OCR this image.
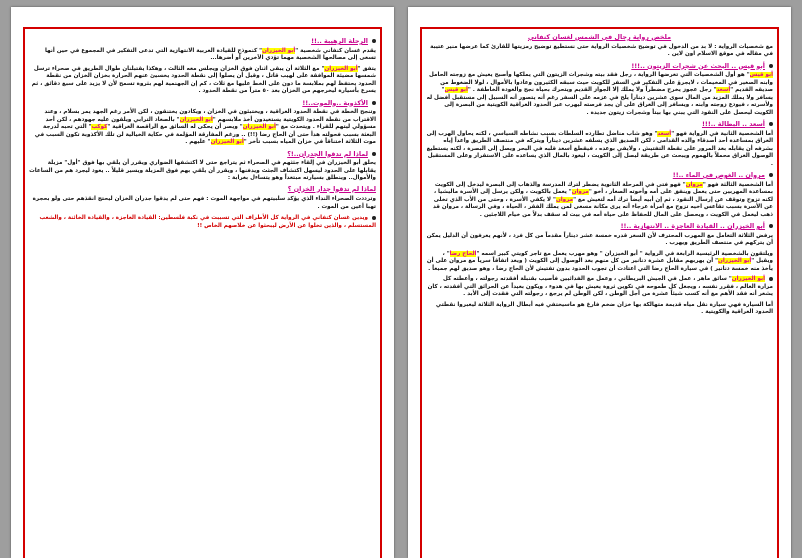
الرحلة الرهيبة ..!!

يقدم غسان كنفاني شخصية "أبو الخيزران" كنموذج للقيادة العربية الانتهازية التي تدعى التفكير في المجموع في حين أنها تسعى إلى مصالحها الشخصية مهما تؤدي الآخرين أو أضرها...

يتفق "أبو الخيزران" مع الثلاثة أن يبقى اثنان فوق الخزان ويجلس معه الثالث ، وهكذا يقتبلنان طوال الطريق في صحراء ترسل شمسها مضيئة الموافقة على لهيب قاتل ، وقبل أن يصلوا إلى نقطة الحدود يخسيئ عنهم الحرارة بخزان الخزان من نقطة الحدود يحتفظ لهم بملابسة ما دون على الخط عليها مع ثلاث ، كم إن الجهنمية لهم بثروة تسمح لأن لا يزيد على سبع دقائق ، ثم يسرع بأسيارة ليخرجهم من الخزان بعد ٥٠ متراً من نقطة الحدود .

الأكذوبة ..والموت..!!

وتنجح الخطة في نقطة الحدود العراقية ، ويختبئون في الخزان ، ويكادون يختنقون ، لكن الأمر رغم الجهد يمر بسلام ، وعند الاقتراب من نقطة الحدود الكويتية يستعيدون أخذ ملابسهم "أبو الخيزران" بالصعاد الترابي ويلقون عليه جهودهم ، لكن أحد مسؤولي ليتهم للقراء . ويتحدث مع "أبو الخيزران" ويصر أن يحكى له السائق مع الراقصة العراقية "كوكب" التي تحبه لدرجة البعثة بسبب فحولته هدأ حتى أن الحاج رضا (!!) .. ورغم المفارقة المؤلمة في حكاية الخيالية لن تلك الأكذوبة تكون السبب في موت الثلاثة اختناقاً في خزان المياه بسبب تأخر "أبو الخيزران" عليهم .

لماذا لم تدقوا الجدران..!؟

يحلق أبو الخيزران في إلقاء جثثهم في الصحراء ثم يتراجع حتى لا اكتشفها الضواري ويقرر أن يلقي بها فوق "أول" مزبلة يقابلها على الحدود ليسهل اكتشاف الجثث ويدفنها ، ويقرر أن يلقي بهم فوق المزبلة ويسير قليلاً .. يعود ليجرد هم من الساعات والأموال.. وينطلق بسيارته مبتعداً وهو يتساءل بغرابة :

لماذا لم تدقوا جدار الخزان ؟

وترددت الصحراء النداء الذي يؤكد سلبيتهم في مواجهة الموت : فهم حتى لم يدقوا جدران الخزان ليحتج انقذهم حتى ولو بحجرة تهبا أعين من الموت .

ويدين غسان كنفاني في الرواية كل الأطراف التي تسببت في نكبة فلسطين: القيادة العاجزة ، والقيادة الخائنة ، والشعب المستسلم ، والذين تخلوا عن الأرض ليبحثوا عن خلاصهم الخاص !!
ملخص رواية رجال في الشمس لغسان كنفاني

مع شخصيات الرواية : لا بد من الدخول في توضيح شخصيات الرواية حتى نستطيع توضيح رمزيتها للقارئ كما عرضها منير عتيبة في مقاله في موقع الاسلام اون لاين .

أبو قيس .. البحث عن شجرات الزيتون ..!!!

أبو قيس" هو أول الشخصيات التي تعرضها الرواية ، رجل فقد بيته وشجرات الزيتون التي يملكها وأصبح يعيش مع زوجته الحامل وابنه الصغير في المخيمات ، لايجرؤ على التفكير في السفر للكويت حيث سبقه الكثيرون وعادوا بالأموال ، لولا الضغوط من صديقه القديم "أسعد" رجل عجوز يخرج مضطراً ولا يملك إلا الجواز القديم ويتحرك بحياة نجح والعودة الخاطفة . "أبو قيس" يسافر ولا يملك المزيد من المال سوى عشرين ديناراً يلح في عزمه على السفر رغم أنه يتصور أنه السبيل إلى مستقبل أفضل له ولأسرته ، فيودع زوجته وابنه ، ويسافر إلى العراق على أن يجد فرصته ليهرب عبر الحدود العراقية الكويتية من البصرة إلى الكويت ليحصل على النقود التي يبني بها بيتاً وشجرات زيتون جديدة .

أسعد .. البطالة ..!!!

أما الشخصية الثانية في الرواية فهو "أسعد" وهو شاب مناضل تطارده السلطات بسبب نشاطه السياسي ، لكنه يحاول الهرب إلى العراق بمساعدة أحد أصدقاء والده القدامى ، لكن الصديق الذي يسلفه عشرين ديناراً ويتركه في منتصف الطريق واعداً إياه بشرفه أن يقابله بعد المرور على نقطة التفتيش ، ولايفي بوعده ، فيقطع أسعد قلبه في البحر ويصل إلى البصرة ، لكنه يستطيع الوصول العراق محملاً بالهموم ويبحث عن طريقة ليصل إلى الكويت ، ليعود بالمال الذي يساعده على الاستقرار وعلى المستقبل .

مروان .. الغوص في الماء ..!!

أما الشخصية الثالثة فهو "مروان" فهو فتى في المرحلة الثانوية يضطر لترك المدرسة والذهاب إلى البصرة ليدخل إلى الكويت بمساعدة المهربين حتى يعمل وينفق على أمه وأخوته الصغار ، أخو "مروان" يعمل بالكويت ، ولكن يرسل إلى الأسرة ماليشيا ، لكنه تزوج وتوقف عن إرسال النقود ، ثم إن أبيه أيضاً ترك أمه لتعيش مع "مروان" لا يكفي الأسرة ، وحتى من الأب الذي تخلى عن الأسرة بسبب تقاعس اخيه تزوج مع امرأة عرجاء أنه يرى مكانة مسعى لمن يملك الفقر ، الحياة ، وفي الرسالة ، مروان قد ذهب ليعمل في الكويت ، ويحصل على المال للحفاظ على حياة أمه في بيت له سقف بدلاً من خيام اللاجئين .

أبو الخيزران .. القيادة العاجزة .. الانتهازية ..!!

يرفض الثلاثة التعامل مع المهرب المحترف لأن السعر قدره خمسة عشر ديناراً مقدماً من كل فرد ، لأنهم يعرفون أن الدليل يمكن أن يتركهم في منتصف الطريق ويهرب .

ويلتقون بالشخصية الرئيسية الرابعة في الرواية " أبو الخيزران " وهو مهرب يعمل مع تاجر كويتي كبير اسمه "الحاج رضا" ، ويقبل "أبو الخيزران" أن يهربهم مقابل عشرة دنانير من كل منهم بعد الوصول إلى الكويت ( ويعد اتفاقاً سرياً مع مروان على أن يأخذ منه خمسة دنانير ) في سيارة الحاج رضا التي اعتادت أن تجوب الحدود بدون تفتيش لأن الحاج رضا ، وهو صديق لهم جميعاً .

أبو الخيزران" سائق ماهر ، عمل في الجيش البريطاني ، وعمل مع الفدائيين فأصيب بقنبلة أفقدته رجولته ، وأعطته كل مرارة العالم ، فقرر نفسه ، ويجعل كل طموحه في تكوين ثروة يعيش بها في هدوء ، ويكون بعيداً عن الحرائق التي أفقدته ، كان يشعر أنه فقد الأهم مع أنه كسب شيئاً عشرة من أجل الوطن ، لكن الوطن لم يرجع ، رجولته التي فقدت إلى الأبد .

أما السيارة فهي سيارة نقل مياه قديمة متهالكة بها خزان ضخم فارغ هو ماسيختفي فيه أبطال الرواية الثلاثة ليعبروا نقطتي الحدود العراقية والكويتية .
